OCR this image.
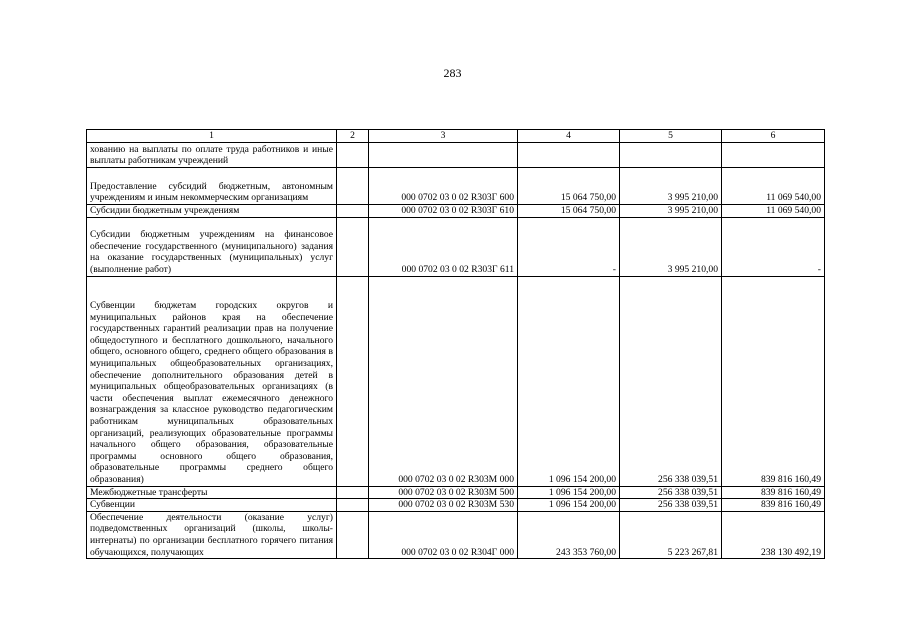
283
1	2	3	4	5	6
хованию на выплаты по оплате труда работников и иные выплаты работникам учреждений					
Предоставление субсидий бюджетным, автономным учреждениям и иным некоммерческим организациям		000 0702 03 0 02 R303Г 600	15 064 750,00	3 995 210,00	11 069 540,00
Субсидии бюджетным учреждениям		000 0702 03 0 02 R303Г 610	15 064 750,00	3 995 210,00	11 069 540,00
Субсидии бюджетным учреждениям на финансовое обеспечение государственного (муниципального) задания на оказание государственных (муниципальных) услуг (выполнение работ)		000 0702 03 0 02 R303Г 611	-	3 995 210,00	-
Субвенции бюджетам городских округов и муниципальных районов края на обеспечение государственных гарантий реализации прав на получение общедоступного и бесплатного дошкольного, начального общего, основного общего, среднего общего образования в муниципальных общеобразовательных организациях, обеспечение дополнительного образования детей в муниципальных общеобразовательных организациях (в части обеспечения выплат ежемесячного денежного вознаграждения за классное руководство педагогическим работникам муниципальных образовательных организаций, реализующих образовательные программы начального общего образования, образовательные программы основного общего образования, образовательные программы среднего общего образования)		000 0702 03 0 02 R303M 000	1 096 154 200,00	256 338 039,51	839 816 160,49
Межбюджетные трансферты		000 0702 03 0 02 R303M 500	1 096 154 200,00	256 338 039,51	839 816 160,49
Субвенции		000 0702 03 0 02 R303M 530	1 096 154 200,00	256 338 039,51	839 816 160,49
Обеспечение деятельности (оказание услуг) подведомственных организаций (школы, школы-интернаты) по организации бесплатного горячего питания обучающихся, получающих		000 0702 03 0 02 R304Г 000	243 353 760,00	5 223 267,81	238 130 492,19
